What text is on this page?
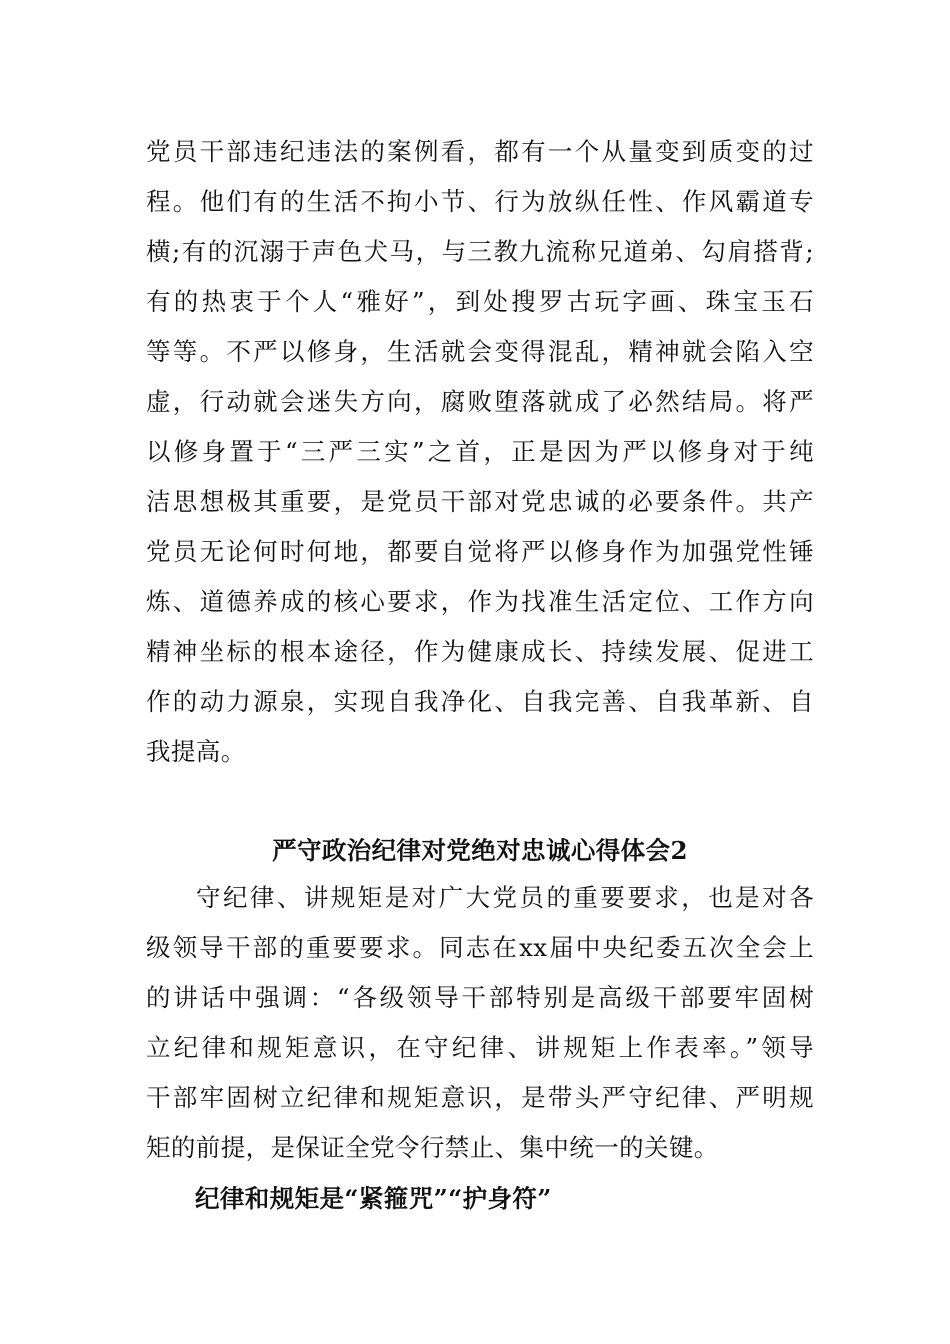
党员干部违纪违法的案例看，都有一个从量变到质变的过
程。他们有的生活不拘小节、行为放纵任性、作风霸道专
横;有的沉溺于声色犬马，与三教九流称兄道弟、勾肩搭背;
有的热衷于个人“雅好”，到处搜罗古玩字画、珠宝玉石
等等。不严以修身，生活就会变得混乱，精神就会陷入空
虚，行动就会迷失方向，腐败堕落就成了必然结局。将严
以修身置于“三严三实”之首，正是因为严以修身对于纯
洁思想极其重要，是党员干部对党忠诚的必要条件。共产
党员无论何时何地，都要自觉将严以修身作为加强党性锤
炼、道德养成的核心要求，作为找准生活定位、工作方向
精神坐标的根本途径，作为健康成长、持续发展、促进工
作的动力源泉，实现自我净化、自我完善、自我革新、自
我提高。
严守政治纪律对党绝对忠诚心得体会2
守纪律、讲规矩是对广大党员的重要要求，也是对各
级领导干部的重要要求。同志在xx届中央纪委五次全会上
的讲话中强调：“各级领导干部特别是高级干部要牢固树
立纪律和规矩意识，在守纪律、讲规矩上作表率。”领导
干部牢固树立纪律和规矩意识，是带头严守纪律、严明规
矩的前提，是保证全党令行禁止、集中统一的关键。
纪律和规矩是“紧箍咒”“护身符”
